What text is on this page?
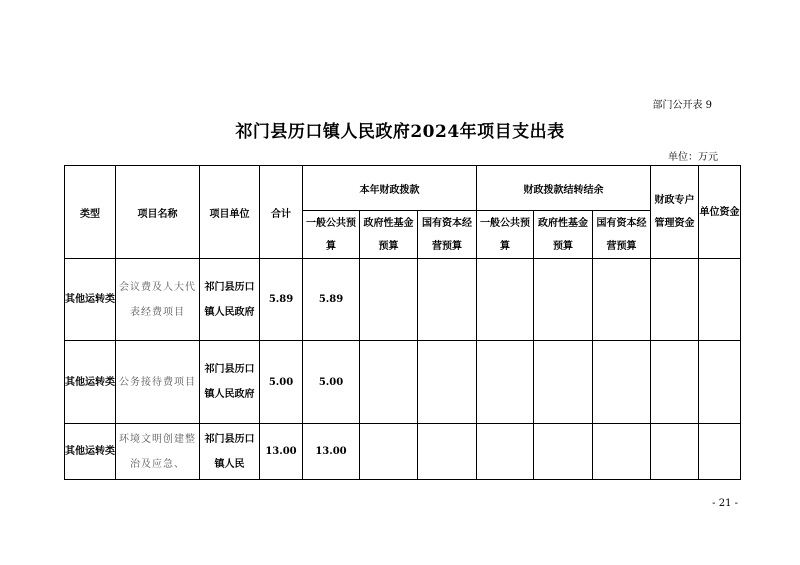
部门公开表 9
祁门县历口镇人民政府2024年项目支出表
单位：万元
类型	项目名称	项目单位	合计	本年财政拨款			财政拨款结转结余			财政专户管理资金	单位资金
				一般公共预算	政府性基金预算	国有资本经营预算	一般公共预算	政府性基金预算	国有资本经营预算		
其他运转类	会议费及人大代表经费项目	祁门县历口镇人民政府	5.89	5.89							
其他运转类	公务接待费项目	祁门县历口镇人民政府	5.00	5.00							
其他运转类	环境文明创建整治及应急、	祁门县历口镇人民	13.00	13.00							
- 21 -
